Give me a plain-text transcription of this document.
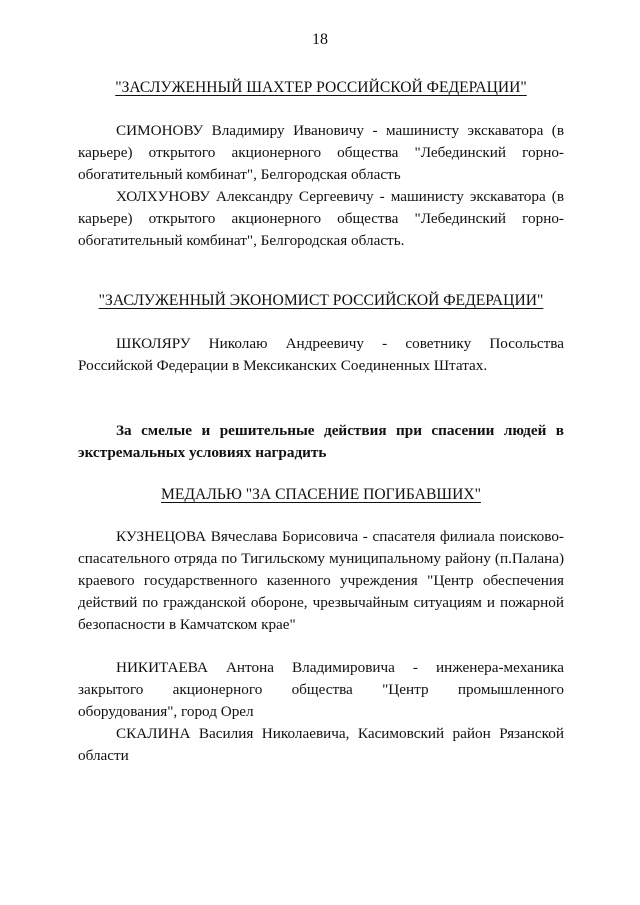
18
"ЗАСЛУЖЕННЫЙ ШАХТЕР РОССИЙСКОЙ ФЕДЕРАЦИИ"
СИМОНОВУ Владимиру Ивановичу - машинисту экскаватора (в карьере) открытого акционерного общества "Лебединский горно-обогатительный комбинат", Белгородская область
ХОЛХУНОВУ Александру Сергеевичу - машинисту экскаватора (в карьере) открытого акционерного общества "Лебединский горно-обогатительный комбинат", Белгородская область.
"ЗАСЛУЖЕННЫЙ ЭКОНОМИСТ РОССИЙСКОЙ ФЕДЕРАЦИИ"
ШКОЛЯРУ Николаю Андреевичу - советнику Посольства Российской Федерации в Мексиканских Соединенных Штатах.
За смелые и решительные действия при спасении людей в экстремальных условиях наградить
МЕДАЛЬЮ "ЗА СПАСЕНИЕ ПОГИБАВШИХ"
КУЗНЕЦОВА Вячеслава Борисовича - спасателя филиала поисково-спасательного отряда по Тигильскому муниципальному району (п.Палана) краевого государственного казенного учреждения "Центр обеспечения действий по гражданской обороне, чрезвычайным ситуациям и пожарной безопасности в Камчатском крае"
НИКИТАЕВА Антона Владимировича - инженера-механика закрытого акционерного общества "Центр промышленного оборудования", город Орел
СКАЛИНА Василия Николаевича, Касимовский район Рязанской области
